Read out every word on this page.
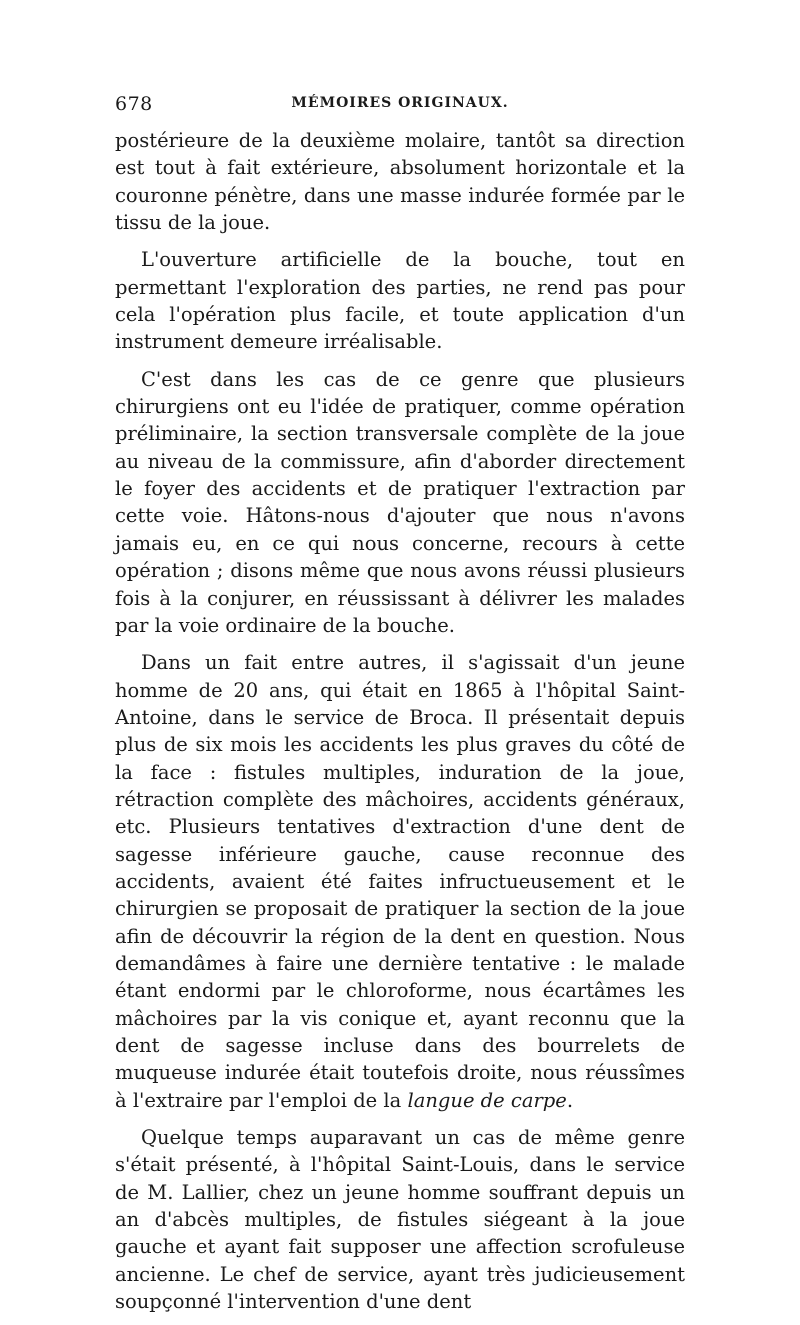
678	MÉMOIRES ORIGINAUX.

postérieure de la deuxième molaire, tantôt sa direction est tout à fait extérieure, absolument horizontale et la couronne pénètre, dans une masse indurée formée par le tissu de la joue.

L'ouverture artificielle de la bouche, tout en permettant l'exploration des parties, ne rend pas pour cela l'opération plus facile, et toute application d'un instrument demeure irréalisable.

C'est dans les cas de ce genre que plusieurs chirurgiens ont eu l'idée de pratiquer, comme opération préliminaire, la section transversale complète de la joue au niveau de la commissure, afin d'aborder directement le foyer des accidents et de pratiquer l'extraction par cette voie. Hâtons-nous d'ajouter que nous n'avons jamais eu, en ce qui nous concerne, recours à cette opération ; disons même que nous avons réussi plusieurs fois à la conjurer, en réussissant à délivrer les malades par la voie ordinaire de la bouche.

Dans un fait entre autres, il s'agissait d'un jeune homme de 20 ans, qui était en 1865 à l'hôpital Saint-Antoine, dans le service de Broca. Il présentait depuis plus de six mois les accidents les plus graves du côté de la face : fistules multiples, induration de la joue, rétraction complète des mâchoires, accidents généraux, etc. Plusieurs tentatives d'extraction d'une dent de sagesse inférieure gauche, cause reconnue des accidents, avaient été faites infructueusement et le chirurgien se proposait de pratiquer la section de la joue afin de découvrir la région de la dent en question. Nous demandâmes à faire une dernière tentative : le malade étant endormi par le chloroforme, nous écartâmes les mâchoires par la vis conique et, ayant reconnu que la dent de sagesse incluse dans des bourrelets de muqueuse indurée était toutefois droite, nous réussîmes à l'extraire par l'emploi de la langue de carpe.

Quelque temps auparavant un cas de même genre s'était présenté, à l'hôpital Saint-Louis, dans le service de M. Lallier, chez un jeune homme souffrant depuis un an d'abcès multiples, de fistules siégeant à la joue gauche et ayant fait supposer une affection scrofuleuse ancienne. Le chef de service, ayant très judicieusement soupçonné l'intervention d'une dent
